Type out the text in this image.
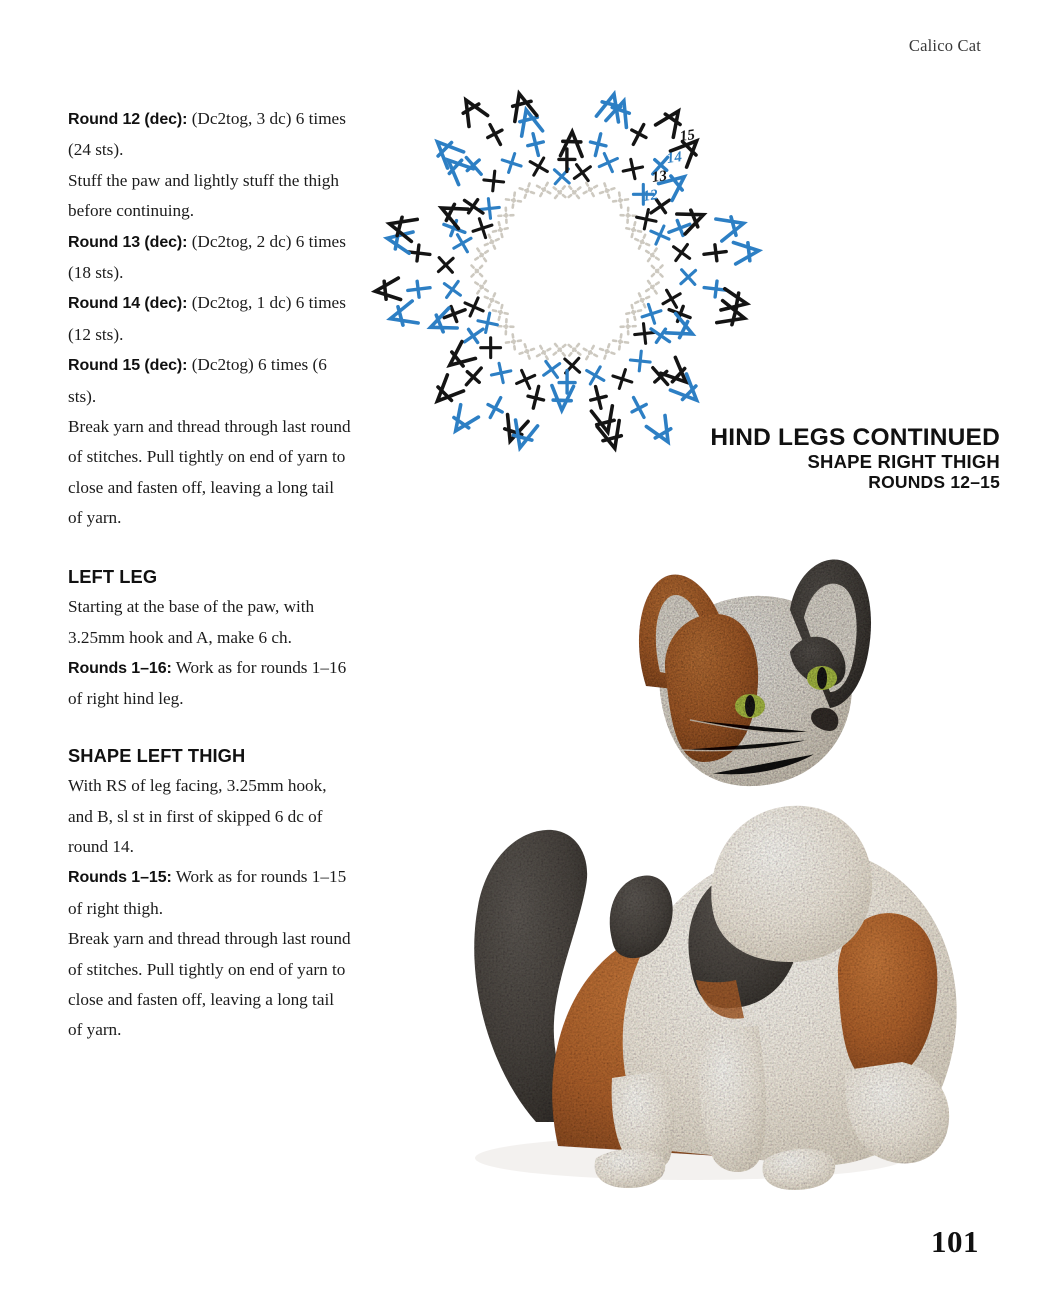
Calico Cat

Round 12 (dec): (Dc2tog, 3 dc) 6 times (24 sts).

Stuff the paw and lightly stuff the thigh before continuing.

Round 13 (dec): (Dc2tog, 2 dc) 6 times (18 sts).

Round 14 (dec): (Dc2tog, 1 dc) 6 times (12 sts).

Round 15 (dec): (Dc2tog) 6 times (6 sts).

Break yarn and thread through last round of stitches. Pull tightly on end of yarn to close and fasten off, leaving a long tail of yarn.

LEFT LEG

Starting at the base of the paw, with 3.25mm hook and A, make 6 ch.

Rounds 1–16: Work as for rounds 1–16 of right hind leg.

SHAPE LEFT THIGH

With RS of leg facing, 3.25mm hook, and B, sl st in first of skipped 6 dc of round 14.

Rounds 1–15: Work as for rounds 1–15 of right thigh.

Break yarn and thread through last round of stitches. Pull tightly on end of yarn to close and fasten off, leaving a long tail of yarn.

12
13
14
15
HIND LEGS CONTINUED
SHAPE RIGHT THIGH
ROUNDS 12–15
101
